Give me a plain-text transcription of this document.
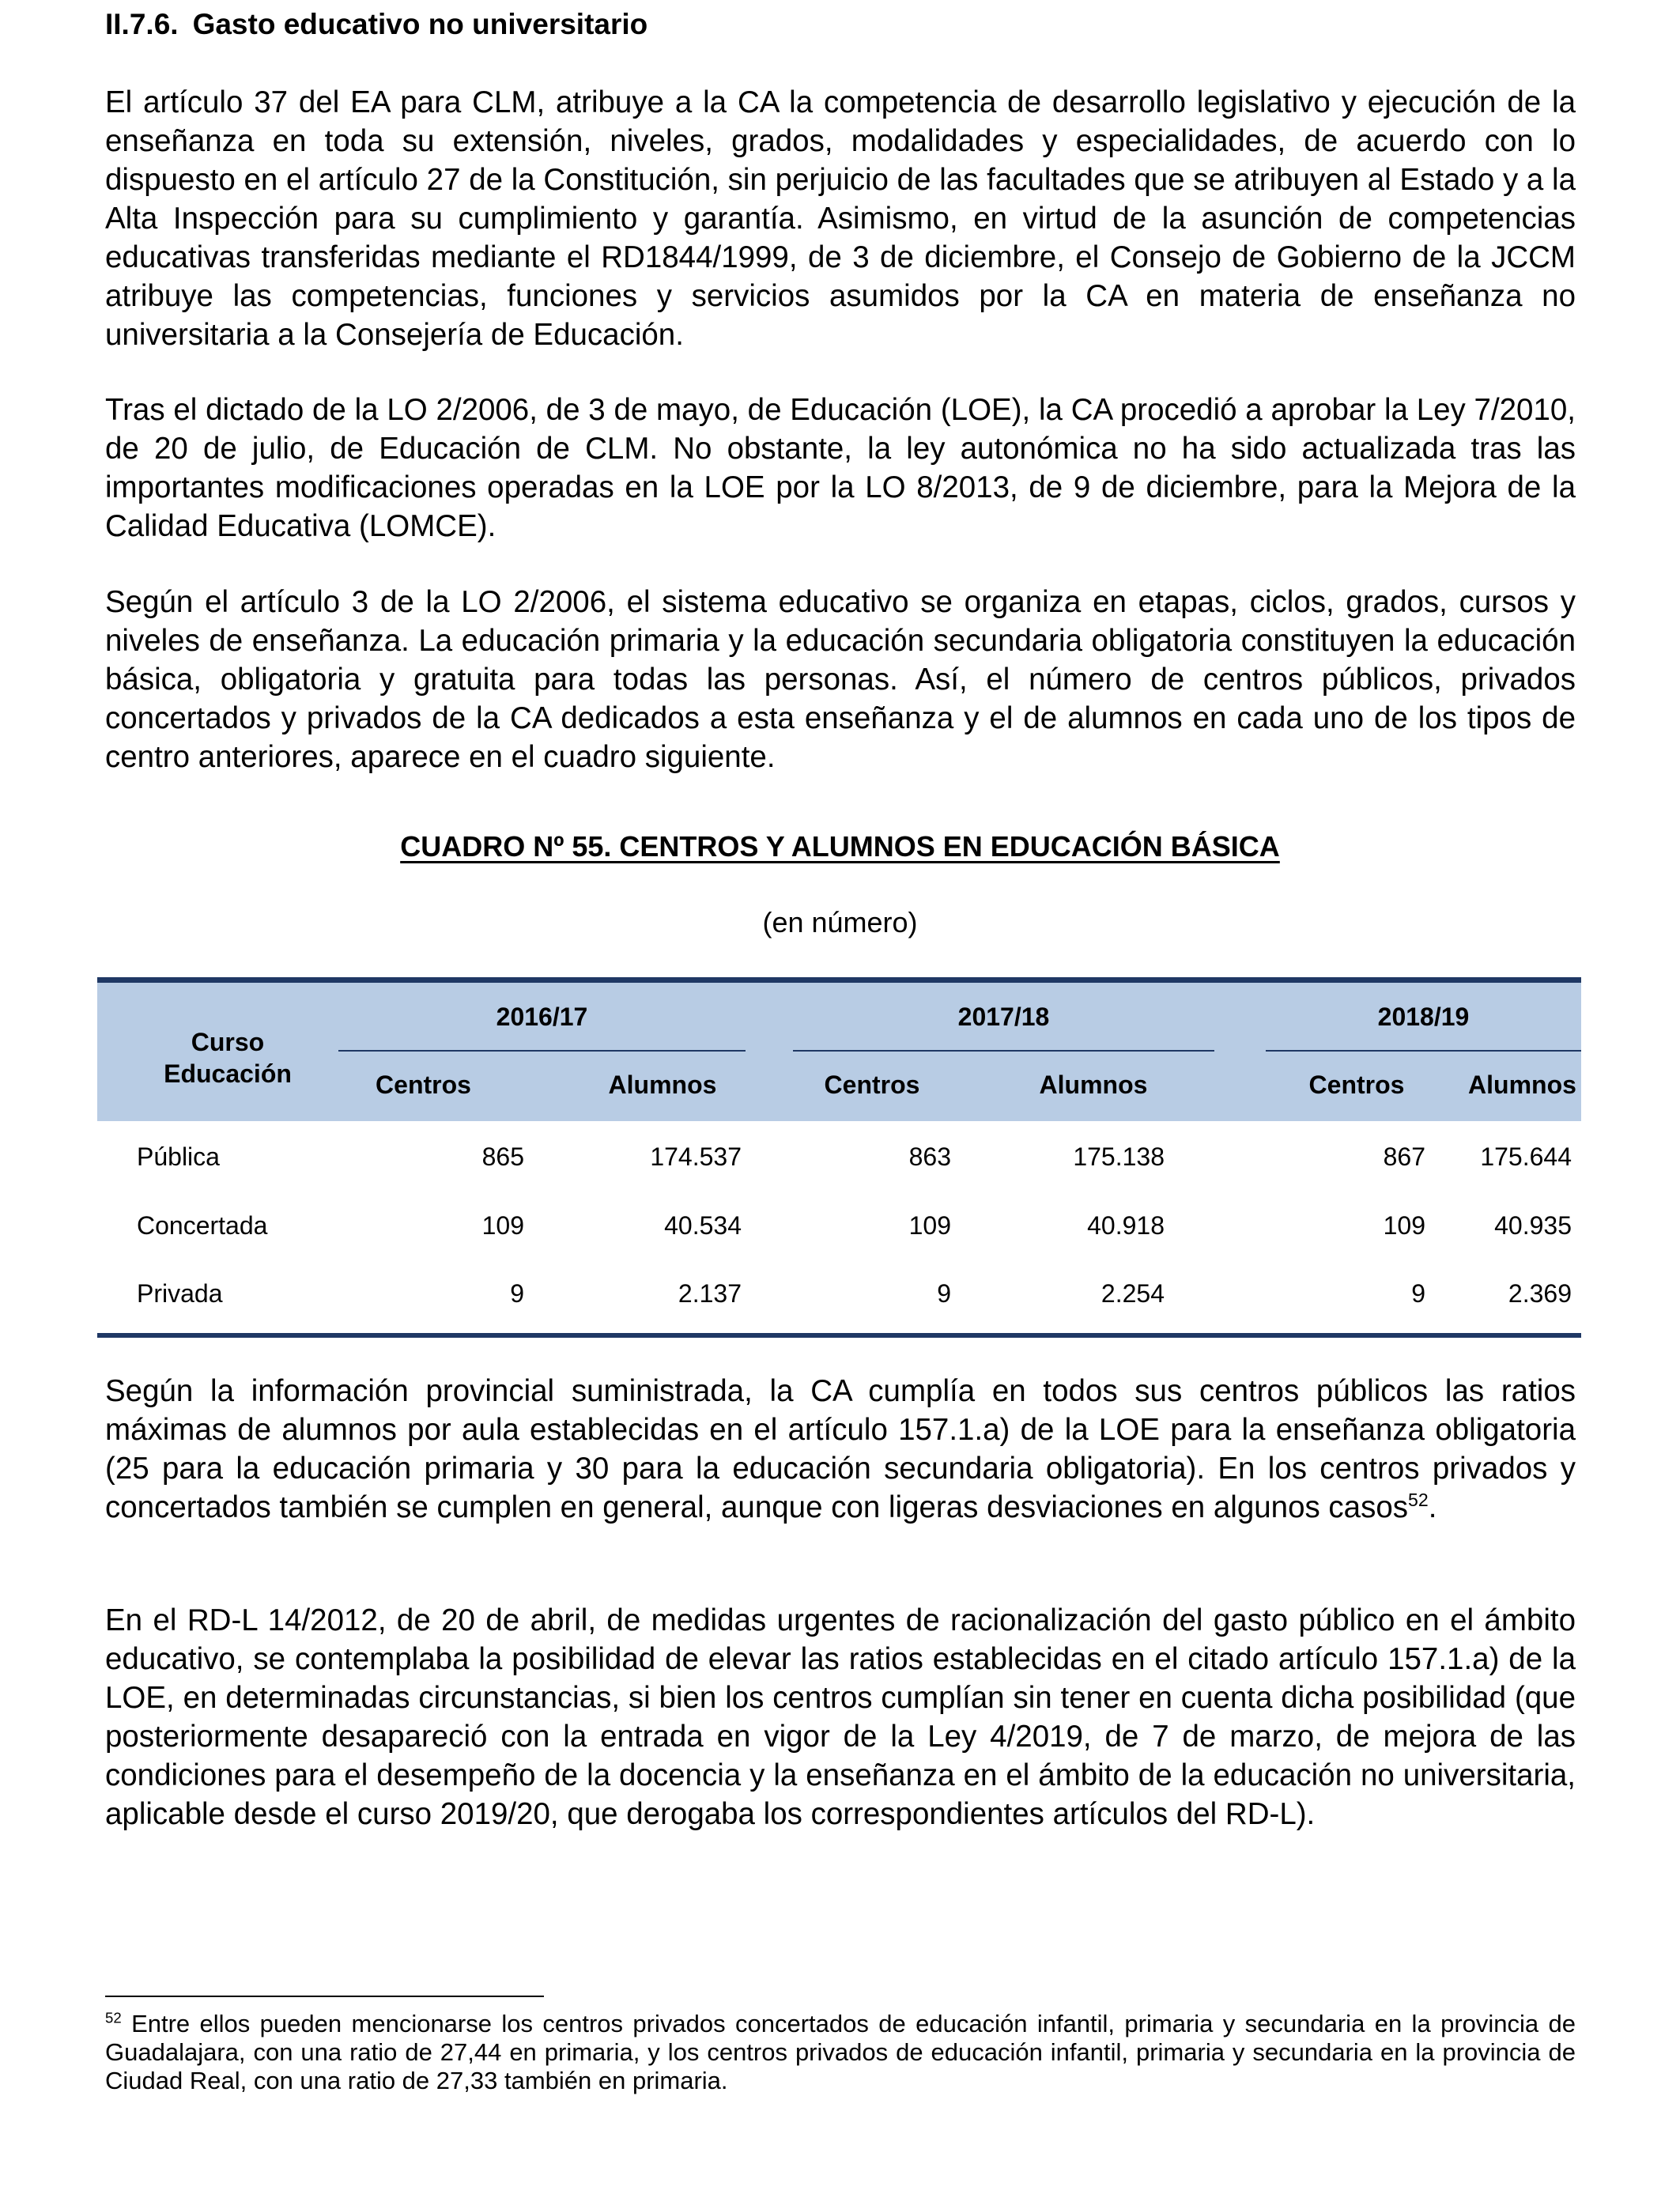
II.7.6. Gasto educativo no universitario

El artículo 37 del EA para CLM, atribuye a la CA la competencia de desarrollo legislativo y ejecución de la enseñanza en toda su extensión, niveles, grados, modalidades y especialidades, de acuerdo con lo dispuesto en el artículo 27 de la Constitución, sin perjuicio de las facultades que se atribuyen al Estado y a la Alta Inspección para su cumplimiento y garantía. Asimismo, en virtud de la asunción de competencias educativas transferidas mediante el RD1844/1999, de 3 de diciembre, el Consejo de Gobierno de la JCCM atribuye las competencias, funciones y servicios asumidos por la CA en materia de enseñanza no universitaria a la Consejería de Educación.

Tras el dictado de la LO 2/2006, de 3 de mayo, de Educación (LOE), la CA procedió a aprobar la Ley 7/2010, de 20 de julio, de Educación de CLM. No obstante, la ley autonómica no ha sido actualizada tras las importantes modificaciones operadas en la LOE por la LO 8/2013, de 9 de diciembre, para la Mejora de la Calidad Educativa (LOMCE).

Según el artículo 3 de la LO 2/2006, el sistema educativo se organiza en etapas, ciclos, grados, cursos y niveles de enseñanza. La educación primaria y la educación secundaria obligatoria constituyen la educación básica, obligatoria y gratuita para todas las personas. Así, el número de centros públicos, privados concertados y privados de la CA dedicados a esta enseñanza y el de alumnos en cada uno de los tipos de centro anteriores, aparece en el cuadro siguiente.

CUADRO Nº 55. CENTROS Y ALUMNOS EN EDUCACIÓN BÁSICA

(en número)

Curso
Educación
2016/17	2017/18	2018/19
Centros	Alumnos	Centros	Alumnos	Centros	Alumnos
Pública	865	174.537	863	175.138	867	175.644
Concertada	109	40.534	109	40.918	109	40.935
Privada	9	2.137	9	2.254	9	2.369

Según la información provincial suministrada, la CA cumplía en todos sus centros públicos las ratios máximas de alumnos por aula establecidas en el artículo 157.1.a) de la LOE para la enseñanza obligatoria (25 para la educación primaria y 30 para la educación secundaria obligatoria). En los centros privados y concertados también se cumplen en general, aunque con ligeras desviaciones en algunos casos$^{52}$.

En el RD-L 14/2012, de 20 de abril, de medidas urgentes de racionalización del gasto público en el ámbito educativo, se contemplaba la posibilidad de elevar las ratios establecidas en el citado artículo 157.1.a) de la LOE, en determinadas circunstancias, si bien los centros cumplían sin tener en cuenta dicha posibilidad (que posteriormente desapareció con la entrada en vigor de la Ley 4/2019, de 7 de marzo, de mejora de las condiciones para el desempeño de la docencia y la enseñanza en el ámbito de la educación no universitaria, aplicable desde el curso 2019/20, que derogaba los correspondientes artículos del RD-L).

$^{52}$ Entre ellos pueden mencionarse los centros privados concertados de educación infantil, primaria y secundaria en la provincia de Guadalajara, con una ratio de 27,44 en primaria, y los centros privados de educación infantil, primaria y secundaria en la provincia de Ciudad Real, con una ratio de 27,33 también en primaria.
